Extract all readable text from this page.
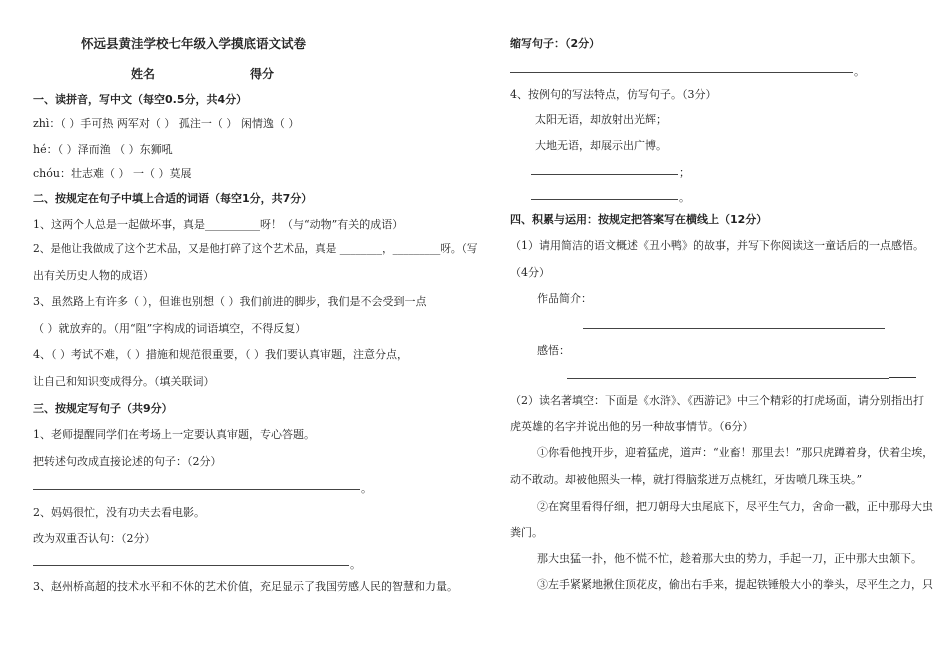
怀远县黄洼学校七年级入学摸底语文试卷
姓名	得分
一、读拼音，写中文（每空0.5分，共4分）
zhì：（ ）手可热 两军对（ ） 孤注一（ ） 闲情逸（ ）
hé：（ ）泽而渔 （ ）东狮吼
chóu：壮志难（ ） 一（ ）莫展
二、按规定在句子中填上合适的词语（每空1分，共7分）
1、这两个人总是一起做坏事，真是__________呀！（与“动物”有关的成语）
2、是他让我做成了这个艺术品，又是他打碎了这个艺术品，真是 ________，_________呀。（写
出有关历史人物的成语）
3、虽然路上有许多（ ），但谁也别想（ ）我们前进的脚步，我们是不会受到一点
（ ）就放弃的。（用“阻”字构成的词语填空，不得反复）
4、（ ）考试不难，（ ）措施和规范很重要，（ ）我们要认真审题，注意分点，
让自己和知识变成得分。（填关联词）
三、按规定写句子（共9分）
1、老师提醒同学们在考场上一定要认真审题，专心答题。
把转述句改成直接论述的句子：（2分）
。
2、妈妈很忙，没有功夫去看电影。
改为双重否认句：（2分）
。
3、赵州桥高超的技术水平和不休的艺术价值，充足显示了我国劳感人民的智慧和力量。
缩写句子：（2分）
。
4、按例句的写法特点，仿写句子。（3分）
太阳无语，却放射出光辉；
大地无语，却展示出广博。
；
。
四、积累与运用：按规定把答案写在横线上（12分）
（1）请用简洁的语文概述《丑小鸭》的故事，并写下你阅读这一童话后的一点感悟。
（4分）
作品简介：
感悟：
（2）读名著填空：下面是《水浒》、《西游记》中三个精彩的打虎场面，请分别指出打
虎英雄的名字并说出他的另一种故事情节。（6分）
①你看他拽开步，迎着猛虎，道声：“业畜！那里去！”那只虎蹲着身，伏着尘埃，
动不敢动。却被他照头一棒，就打得脑浆迸万点桃红，牙齿喷几珠玉块。”
②在窝里看得仔细，把刀朝母大虫尾底下，尽平生气力，舍命一戳，正中那母大虫
粪门。
那大虫猛一扑，他不慌不忙，趁着那大虫的势力，手起一刀，正中那大虫颔下。
③左手紧紧地揪住顶花皮，偷出右手来，提起铁锤般大小的拳头，尽平生之力，只
